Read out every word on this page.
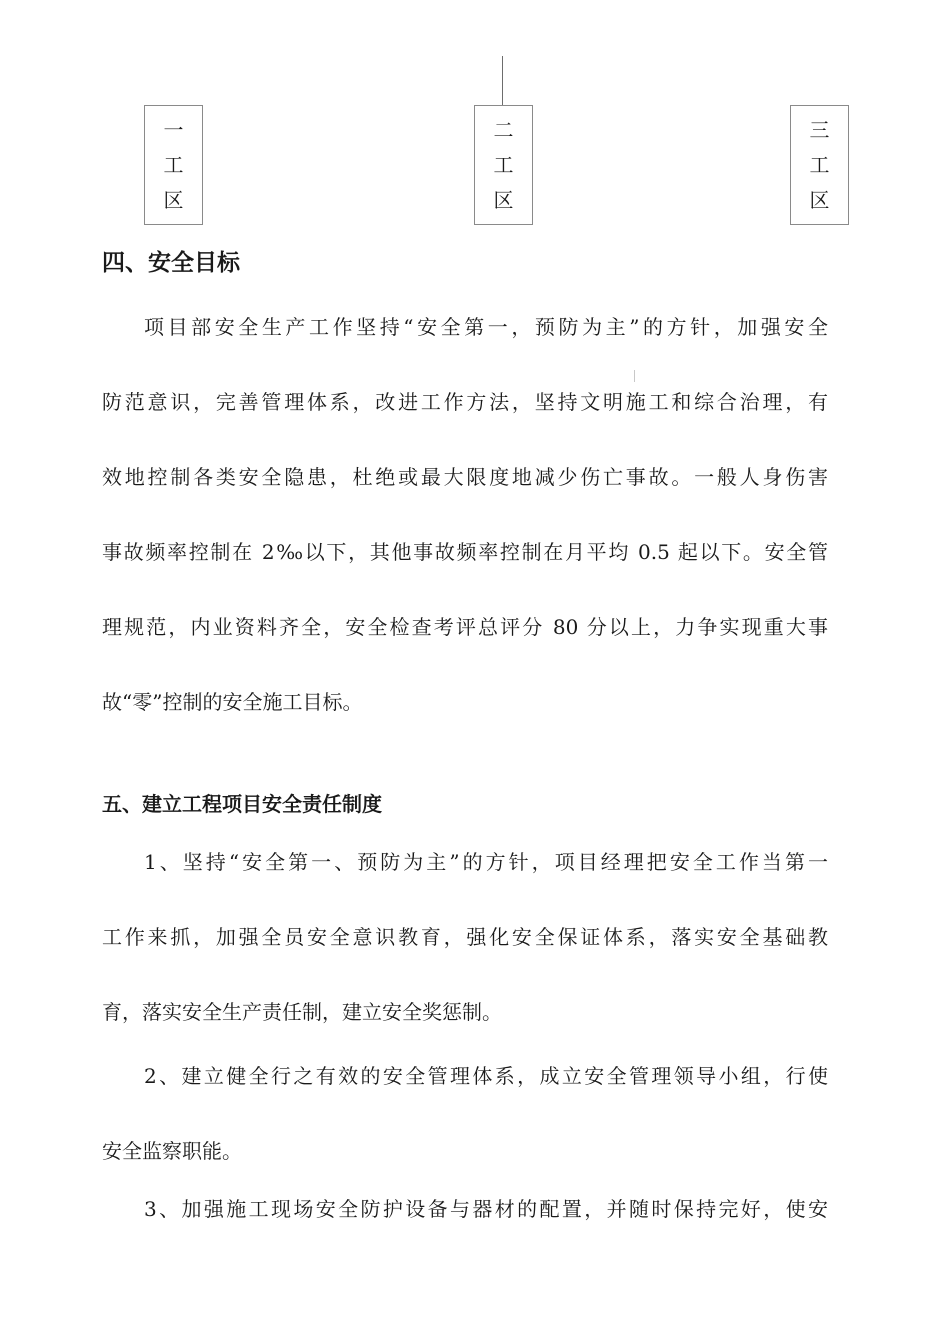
一
工
区
二
工
区
三
工
区
四、安全目标
项目部安全生产工作坚持“安全第一，预防为主”的方针，加强安全
防范意识，完善管理体系，改进工作方法，坚持文明施工和综合治理，有
效地控制各类安全隐患，杜绝或最大限度地减少伤亡事故。一般人身伤害
事故频率控制在 2‰以下，其他事故频率控制在月平均 0.5 起以下。安全管
理规范，内业资料齐全，安全检查考评总评分 80 分以上，力争实现重大事
故“零”控制的安全施工目标。
五、建立工程项目安全责任制度
1、坚持“安全第一、预防为主”的方针，项目经理把安全工作当第一
工作来抓，加强全员安全意识教育，强化安全保证体系，落实安全基础教
育，落实安全生产责任制，建立安全奖惩制。
2、建立健全行之有效的安全管理体系，成立安全管理领导小组，行使
安全监察职能。
3、加强施工现场安全防护设备与器材的配置，并随时保持完好，使安
